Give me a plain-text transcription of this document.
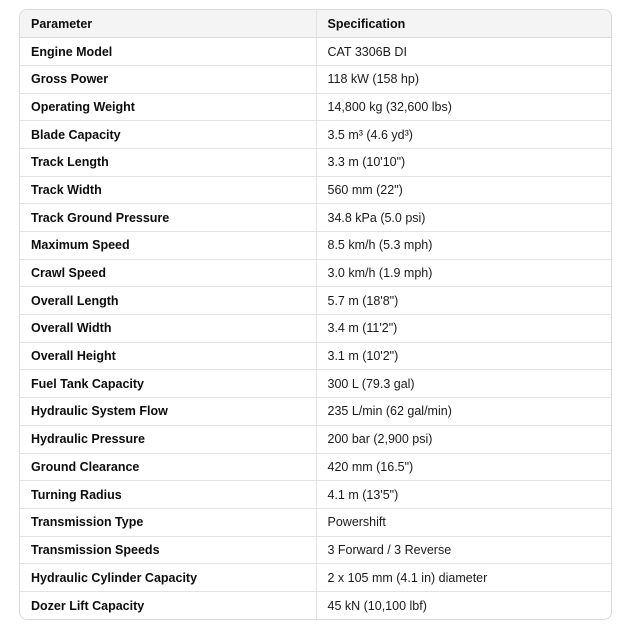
Parameter	Specification
Engine Model	CAT 3306B DI
Gross Power	118 kW (158 hp)
Operating Weight	14,800 kg (32,600 lbs)
Blade Capacity	3.5 m³ (4.6 yd³)
Track Length	3.3 m (10'10")
Track Width	560 mm (22")
Track Ground Pressure	34.8 kPa (5.0 psi)
Maximum Speed	8.5 km/h (5.3 mph)
Crawl Speed	3.0 km/h (1.9 mph)
Overall Length	5.7 m (18'8")
Overall Width	3.4 m (11'2")
Overall Height	3.1 m (10'2")
Fuel Tank Capacity	300 L (79.3 gal)
Hydraulic System Flow	235 L/min (62 gal/min)
Hydraulic Pressure	200 bar (2,900 psi)
Ground Clearance	420 mm (16.5")
Turning Radius	4.1 m (13'5")
Transmission Type	Powershift
Transmission Speeds	3 Forward / 3 Reverse
Hydraulic Cylinder Capacity	2 x 105 mm (4.1 in) diameter
Dozer Lift Capacity	45 kN (10,100 lbf)
